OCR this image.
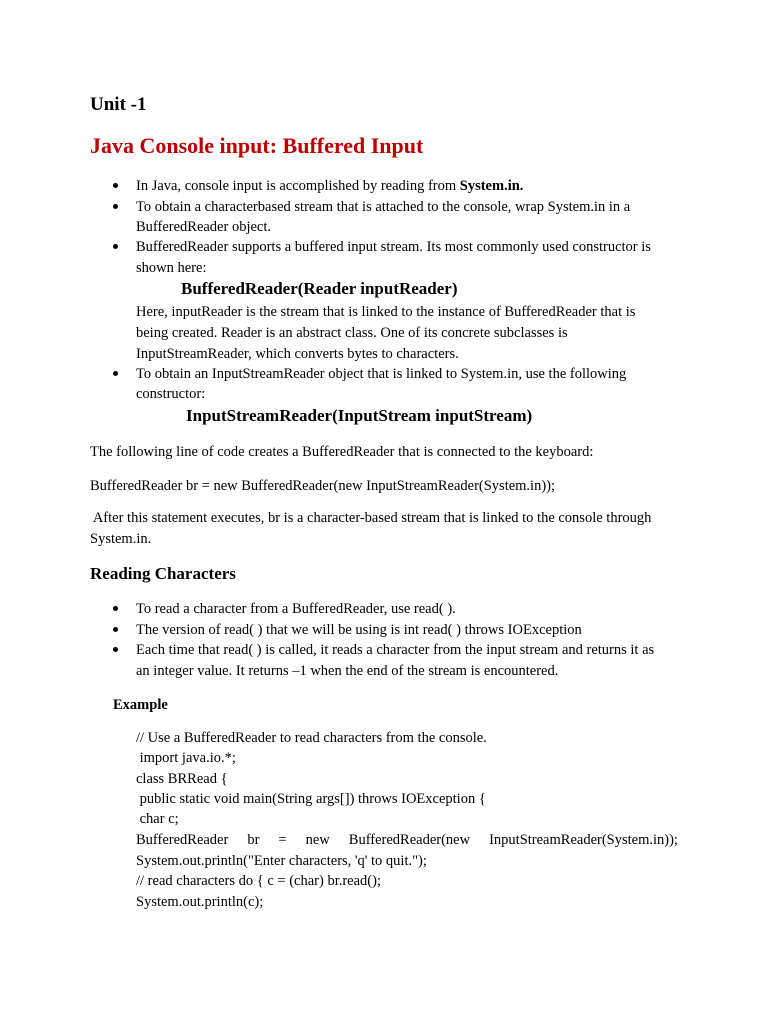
Unit -1
Java Console input: Buffered Input

In Java, console input is accomplished by reading from System.in.

To obtain a characterbased stream that is attached to the console, wrap System.in in a

BufferedReader object.

BufferedReader supports a buffered input stream. Its most commonly used constructor is

shown here:

BufferedReader(Reader inputReader)

Here, inputReader is the stream that is linked to the instance of BufferedReader that is

being created. Reader is an abstract class. One of its concrete subclasses is

InputStreamReader, which converts bytes to characters.

To obtain an InputStreamReader object that is linked to System.in, use the following

constructor:

InputStreamReader(InputStream inputStream)

The following line of code creates a BufferedReader that is connected to the keyboard:

BufferedReader br = new BufferedReader(new InputStreamReader(System.in));

After this statement executes, br is a character-based stream that is linked to the console through

System.in.

Reading Characters

To read a character from a BufferedReader, use read( ).

The version of read( ) that we will be using is int read( ) throws IOException

Each time that read( ) is called, it reads a character from the input stream and returns it as

an integer value. It returns –1 when the end of the stream is encountered.

Example

// Use a BufferedReader to read characters from the console.

import java.io.*;

class BRRead {

public static void main(String args[]) throws IOException {

char c;

BufferedReader br = new BufferedReader(new InputStreamReader(System.in));

System.out.println("Enter characters, 'q' to quit.");

// read characters do { c = (char) br.read();

System.out.println(c);
